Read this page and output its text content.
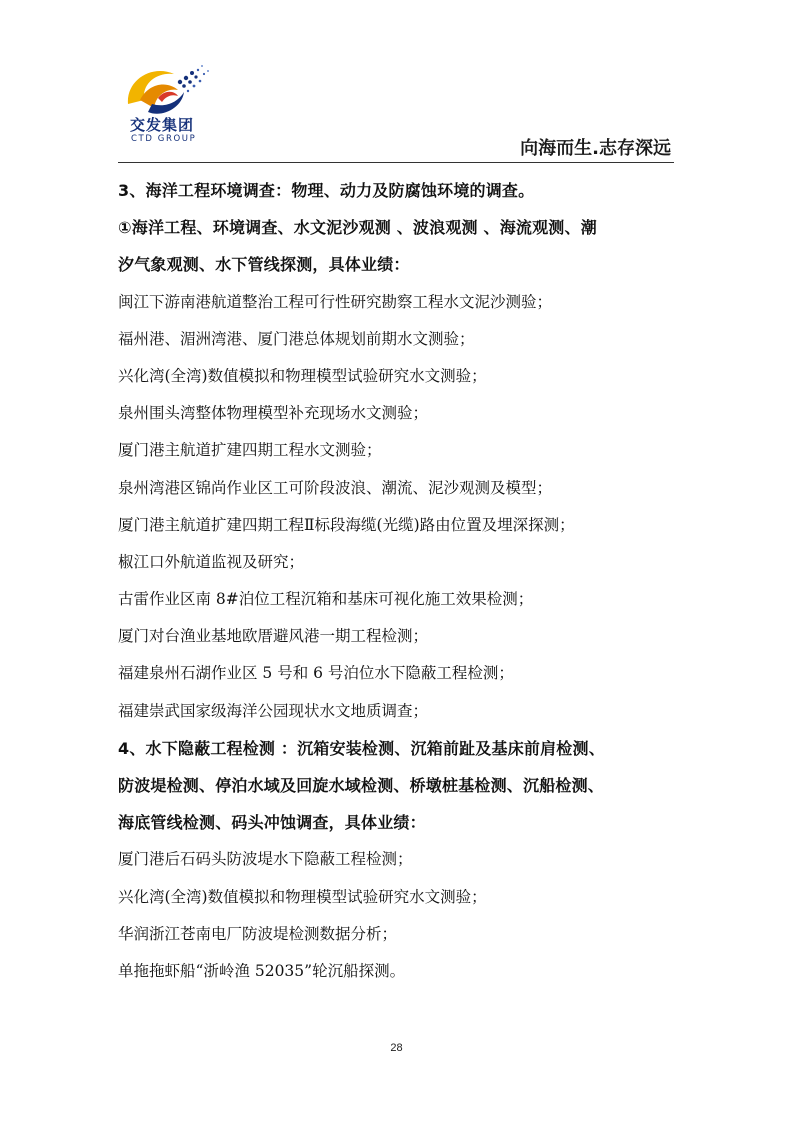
交发集团
CTD GROUP	向海而生.志存深远
3、海洋工程环境调查：物理、动力及防腐蚀环境的调查。
①海洋工程、环境调查、水文泥沙观测 、波浪观测 、海流观测、潮
汐气象观测、水下管线探测，具体业绩：
闽江下游南港航道整治工程可行性研究勘察工程水文泥沙测验；
福州港、湄洲湾港、厦门港总体规划前期水文测验；
兴化湾(全湾)数值模拟和物理模型试验研究水文测验；
泉州围头湾整体物理模型补充现场水文测验；
厦门港主航道扩建四期工程水文测验；
泉州湾港区锦尚作业区工可阶段波浪、潮流、泥沙观测及模型；
厦门港主航道扩建四期工程Ⅱ标段海缆(光缆)路由位置及埋深探测；
椒江口外航道监视及研究；
古雷作业区南 8#泊位工程沉箱和基床可视化施工效果检测；
厦门对台渔业基地欧厝避风港一期工程检测；
福建泉州石湖作业区 5 号和 6 号泊位水下隐蔽工程检测；
福建崇武国家级海洋公园现状水文地质调查；
4、水下隐蔽工程检测 ：沉箱安装检测、沉箱前趾及基床前肩检测、
防波堤检测、停泊水域及回旋水域检测、桥墩桩基检测、沉船检测、
海底管线检测、码头冲蚀调查，具体业绩：
厦门港后石码头防波堤水下隐蔽工程检测；
兴化湾(全湾)数值模拟和物理模型试验研究水文测验；
华润浙江苍南电厂防波堤检测数据分析；
单拖拖虾船“浙岭渔 52035”轮沉船探测。
28
